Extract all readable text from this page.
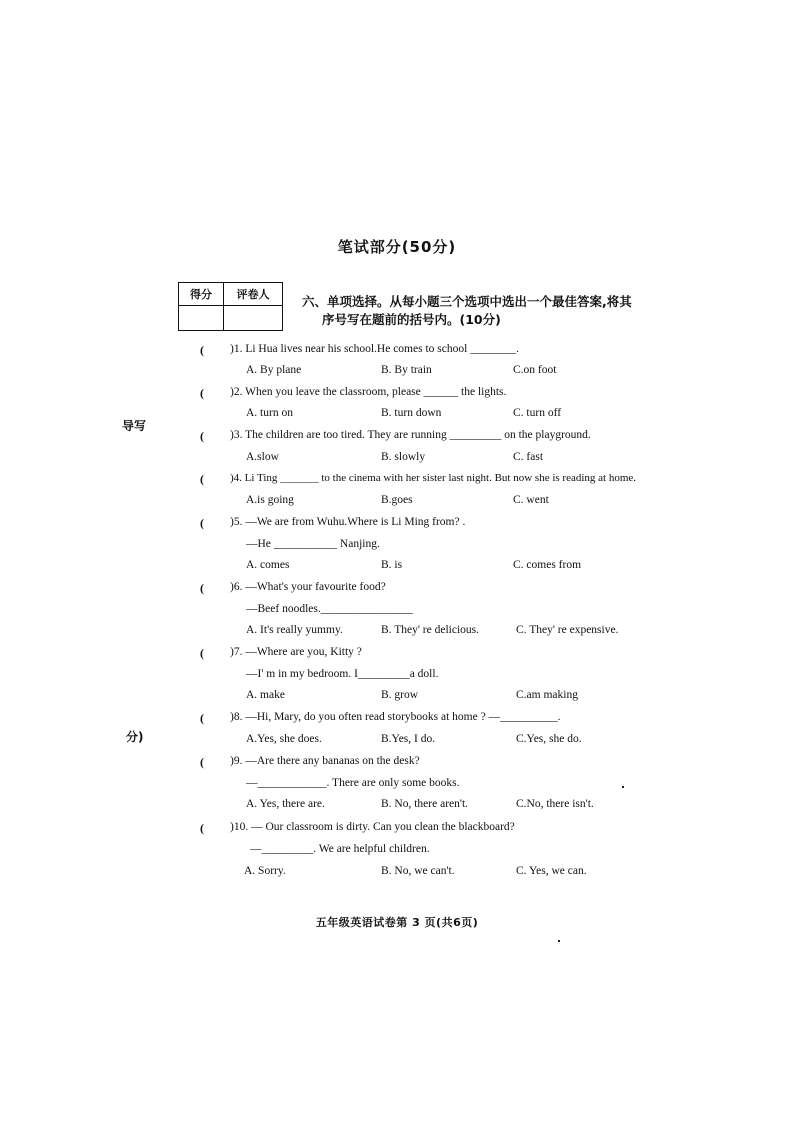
笔试部分(50分)
得分	评卷人
		六、单项选择。从每小题三个选项中选出一个最佳答案,将其
序号写在题前的括号内。(10分)
导写
分)
( )1. Li Hua lives near his school.He comes to school ________.
A. By plane	B. By train	C.on foot
( )2. When you leave the classroom, please ______ the lights.
A. turn on	B. turn down	C. turn off
( )3. The children are too tired. They are running _________ on the playground.
A.slow	B. slowly	C. fast
( )4. Li Ting _______ to the cinema with her sister last night. But now she is reading at home.
A.is going	B.goes	C. went
( )5. —We are from Wuhu.Where is Li Ming from? .
—He ___________ Nanjing.
A. comes	B. is	C. comes from
( )6. —What's your favourite food?
—Beef noodles.________________
A. It's really yummy.	B. They' re delicious.	C. They' re expensive.
( )7. —Where are you, Kitty ?
—I' m in my bedroom. I_________a doll.
A. make	B. grow	C.am making
( )8. —Hi, Mary, do you often read storybooks at home ? —__________.
A.Yes, she does.	B.Yes, I do.	C.Yes, she do.
( )9. —Are there any bananas on the desk?
—____________. There are only some books.
A. Yes, there are.	B. No, there aren't.	C.No, there isn't.
( )10. — Our classroom is dirty. Can you clean the blackboard?
—_________. We are helpful children.
A. Sorry.	B. No, we can't.	C. Yes, we can.
五年级英语试卷第 3 页(共6页)
